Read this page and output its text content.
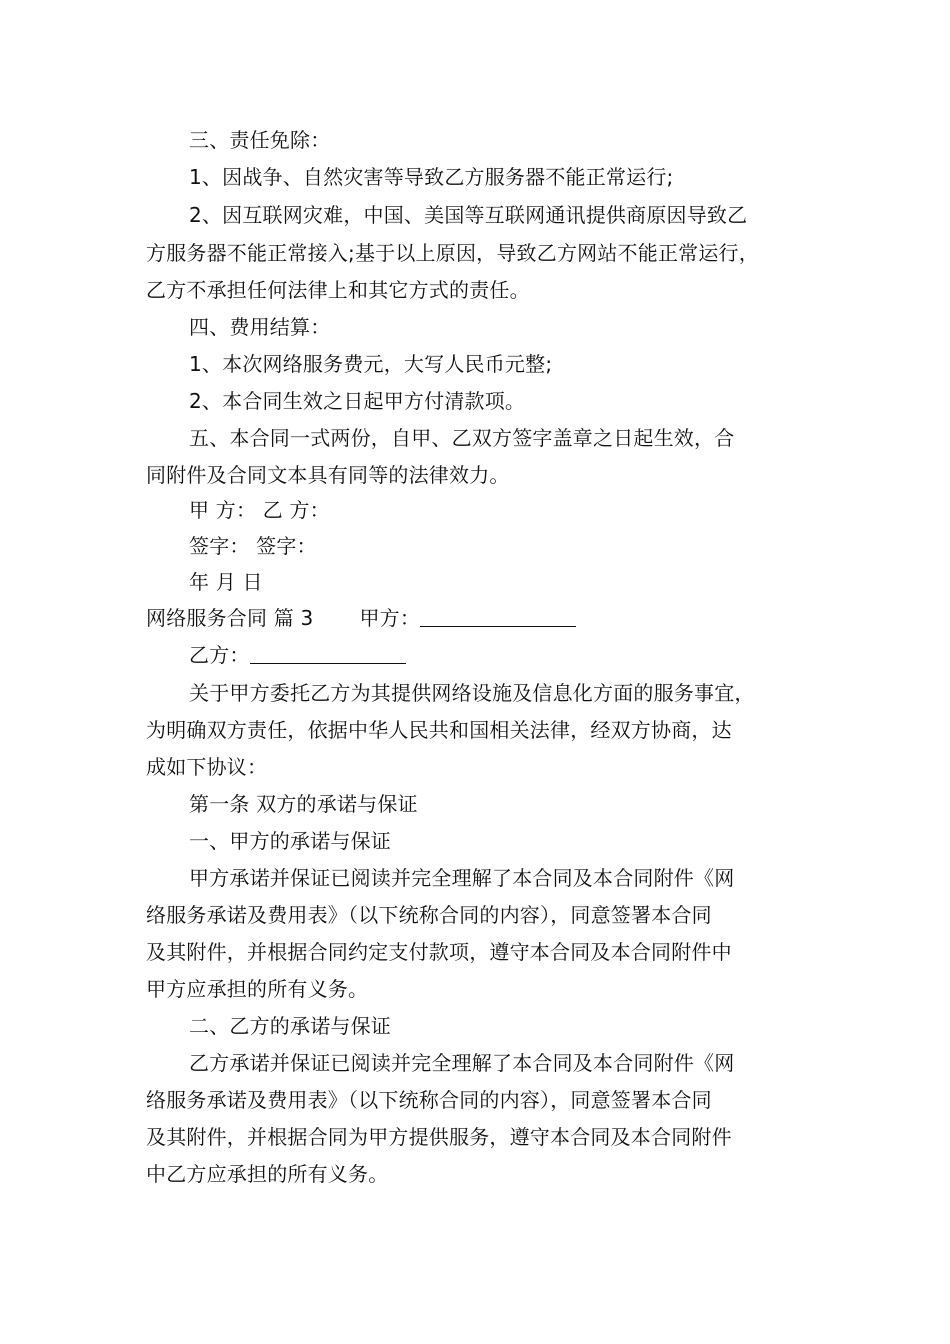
三、责任免除：
1、因战争、自然灾害等导致乙方服务器不能正常运行;
2、因互联网灾难，中国、美国等互联网通讯提供商原因导致乙
方服务器不能正常接入;基于以上原因，导致乙方网站不能正常运行，
乙方不承担任何法律上和其它方式的责任。
四、费用结算：
1、本次网络服务费元，大写人民币元整;
2、本合同生效之日起甲方付清款项。
五、本合同一式两份，自甲、乙双方签字盖章之日起生效，合
同附件及合同文本具有同等的法律效力。
甲 方： 乙 方：
签字： 签字：
年 月 日
网络服务合同 篇 3 甲方：
乙方：
关于甲方委托乙方为其提供网络设施及信息化方面的服务事宜，
为明确双方责任，依据中华人民共和国相关法律，经双方协商，达
成如下协议：
第一条 双方的承诺与保证
一、甲方的承诺与保证
甲方承诺并保证已阅读并完全理解了本合同及本合同附件《网
络服务承诺及费用表》（以下统称合同的内容），同意签署本合同
及其附件，并根据合同约定支付款项，遵守本合同及本合同附件中
甲方应承担的所有义务。
二、乙方的承诺与保证
乙方承诺并保证已阅读并完全理解了本合同及本合同附件《网
络服务承诺及费用表》（以下统称合同的内容），同意签署本合同
及其附件，并根据合同为甲方提供服务，遵守本合同及本合同附件
中乙方应承担的所有义务。
